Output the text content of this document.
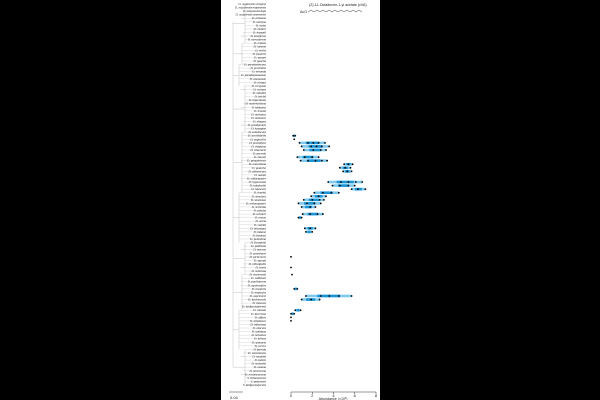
(Z)-11-Octadecen-1-yl acetate (cVA)
AcO
D. mojavensis wrigleyi
D. mojavensis mojavensis
D. mojavensis baja
D. mojavensis sonorensis
D. arizonae
D. navojoa
D. hydei
D. mulleri
D. buzzatii
D. koepferae
D. mercatorum
D. repleta
D. lummei
D. virilis
D. funebris
D. pavani
D. gaucha
D. pseudoobscura
D. persimilis
D. miranda
D. pseudoananassae
D. ananassae
D. atripex
D. ercepeae
D. varians
D. ohiolibs
D. birchii
D. bipectinata
D. malerkotliana
D. kikkawai
D. leontia
D. melanica
D. mimetica
D. elegans
D. prostipennis
D. kanapiae
D. subobscura
D. acutilabella
D. eugracilis
D. pectinifera
D. rhopaloa
D. triauraria
D. parvula
D. tsacasi
D. punjabiensis
D. mauritiana
D. guanche
D. albomicans
D. nasuta
D. sulfurigaster
D. hypocausta
D. takahashii
D. lutescens
D. busckii
D. simulans
D. santomea
D. melanogaster
D. sechellia
D. yakuba
D. teissieri
D. erecta
D. orena
D. suzukii
D. biarmipes
D. bakoue
D. fuyamai
D. jambulina
D. ficusphila
D. pallidosa
D. macrae
D. grimshawi
D. picticornis
D. sproati
D. villosipedis
D. tristis
D. nebulosa
D. sturtevanti
D. willistoni
D. paulistorum
D. equinoxialis
D. insularis
D. tropicalis
D. capricorni
D. fulvimacula
D. limensis
D. latifasciaeformis
D. robusta
D. lacertosa
D. affinis
D. athabasca
D. bifasciata
D. obscura
D. ambigua
D. helvetica
D. tolteca
D. quinaria
D. recens
D. putrida
D. neotestacea
D. innubila
D. falleni
D. neohydei
D. ezoana
D. americana
D. novamexicana
S. lebanonensis
S. pattersoni
S. latifasciaeformis
0	2	4	6	8
Abundance (×10³)
0.04
